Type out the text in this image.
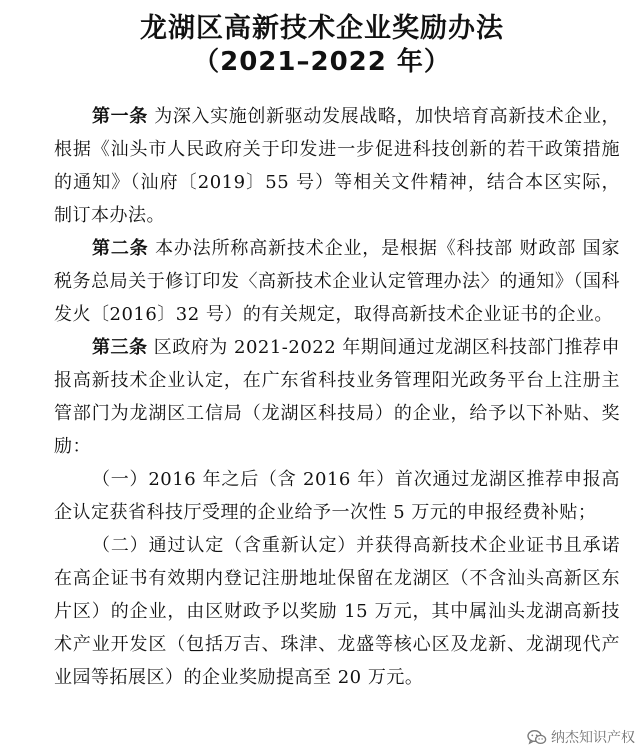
龙湖区高新技术企业奖励办法
（2021–2022 年）

第一条 为深入实施创新驱动发展战略，加快培育高新技术企业，根据《汕头市人民政府关于印发进一步促进科技创新的若干政策措施的通知》（汕府〔2019〕55 号）等相关文件精神，结合本区实际，制订本办法。

第二条 本办法所称高新技术企业，是根据《科技部 财政部 国家税务总局关于修订印发〈高新技术企业认定管理办法〉的通知》（国科发火〔2016〕32 号）的有关规定，取得高新技术企业证书的企业。

第三条 区政府为 2021-2022 年期间通过龙湖区科技部门推荐申报高新技术企业认定，在广东省科技业务管理阳光政务平台上注册主管部门为龙湖区工信局（龙湖区科技局）的企业，给予以下补贴、奖励：

（一）2016 年之后（含 2016 年）首次通过龙湖区推荐申报高企认定获省科技厅受理的企业给予一次性 5 万元的申报经费补贴；

（二）通过认定（含重新认定）并获得高新技术企业证书且承诺在高企证书有效期内登记注册地址保留在龙湖区（不含汕头高新区东片区）的企业，由区财政予以奖励 15 万元，其中属汕头龙湖高新技术产业开发区（包括万吉、珠津、龙盛等核心区及龙新、龙湖现代产业园等拓展区）的企业奖励提高至 20 万元。

纳杰知识产权
